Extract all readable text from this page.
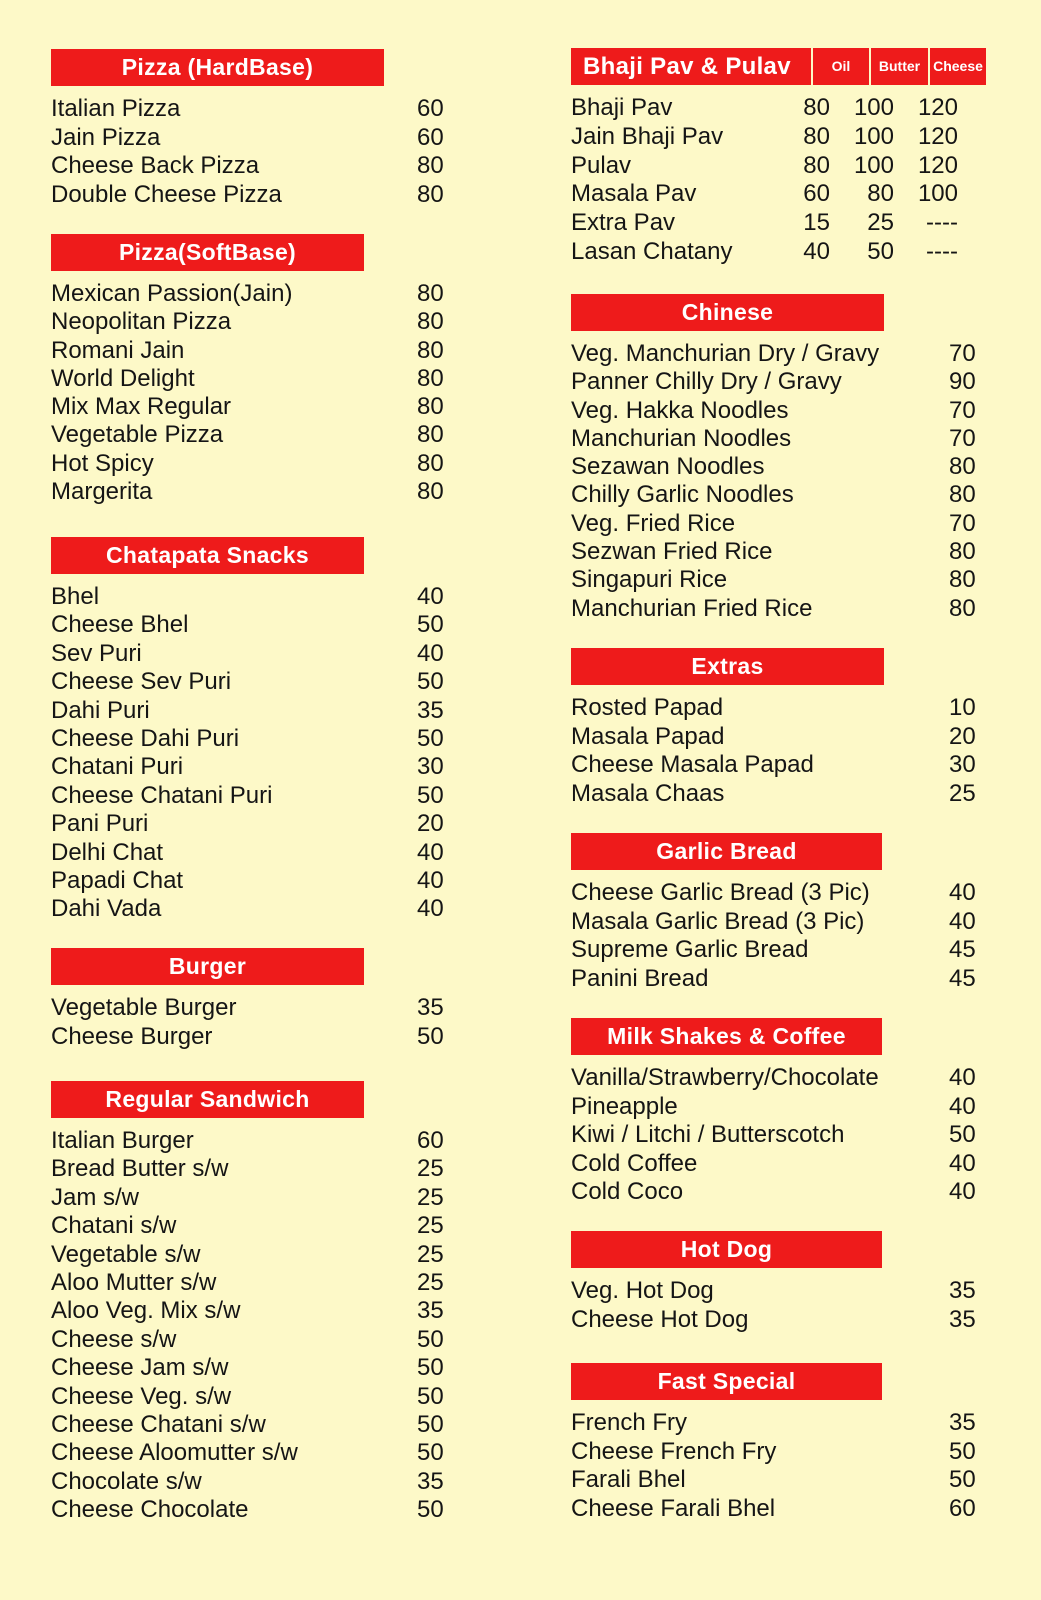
Pizza (HardBase)
Italian Pizza	60
Jain Pizza	60
Cheese Back Pizza	80
Double Cheese Pizza	80
Pizza(SoftBase)
Mexican Passion(Jain)	80
Neopolitan Pizza	80
Romani Jain	80
World Delight	80
Mix Max Regular	80
Vegetable Pizza	80
Hot Spicy	80
Margerita	80
Chatapata Snacks
Bhel	40
Cheese Bhel	50
Sev Puri	40
Cheese Sev Puri	50
Dahi Puri	35
Cheese Dahi Puri	50
Chatani Puri	30
Cheese Chatani Puri	50
Pani Puri	20
Delhi Chat	40
Papadi Chat	40
Dahi Vada	40
Burger
Vegetable Burger	35
Cheese Burger	50
Regular Sandwich
Italian Burger	60
Bread Butter s/w	25
Jam s/w	25
Chatani s/w	25
Vegetable s/w	25
Aloo Mutter s/w	25
Aloo Veg. Mix s/w	35
Cheese s/w	50
Cheese Jam s/w	50
Cheese Veg. s/w	50
Cheese Chatani s/w	50
Cheese Aloomutter s/w	50
Chocolate s/w	35
Cheese Chocolate	50
Bhaji Pav & Pulav	Oil	Butter Cheese
Bhaji Pav	80 100 120
Jain Bhaji Pav	80 100 120
Pulav	80 100 120
Masala Pav	60 80 100
Extra Pav	15 25 ----
Lasan Chatany	40 50 ----
Chinese
Veg. Manchurian Dry / Gravy	70
Panner Chilly Dry / Gravy	90
Veg. Hakka Noodles	70
Manchurian Noodles	70
Sezawan Noodles	80
Chilly Garlic Noodles	80
Veg. Fried Rice	70
Sezwan Fried Rice	80
Singapuri Rice	80
Manchurian Fried Rice	80
Extras
Rosted Papad	10
Masala Papad	20
Cheese Masala Papad	30
Masala Chaas	25
Garlic Bread
Cheese Garlic Bread (3 Pic)	40
Masala Garlic Bread (3 Pic)	40
Supreme Garlic Bread	45
Panini Bread	45
Milk Shakes & Coffee
Vanilla/Strawberry/Chocolate	40
Pineapple	40
Kiwi / Litchi / Butterscotch	50
Cold Coffee	40
Cold Coco	40
Hot Dog
Veg. Hot Dog	35
Cheese Hot Dog	35
Fast Special
French Fry	35
Cheese French Fry	50
Farali Bhel	50
Cheese Farali Bhel	60
